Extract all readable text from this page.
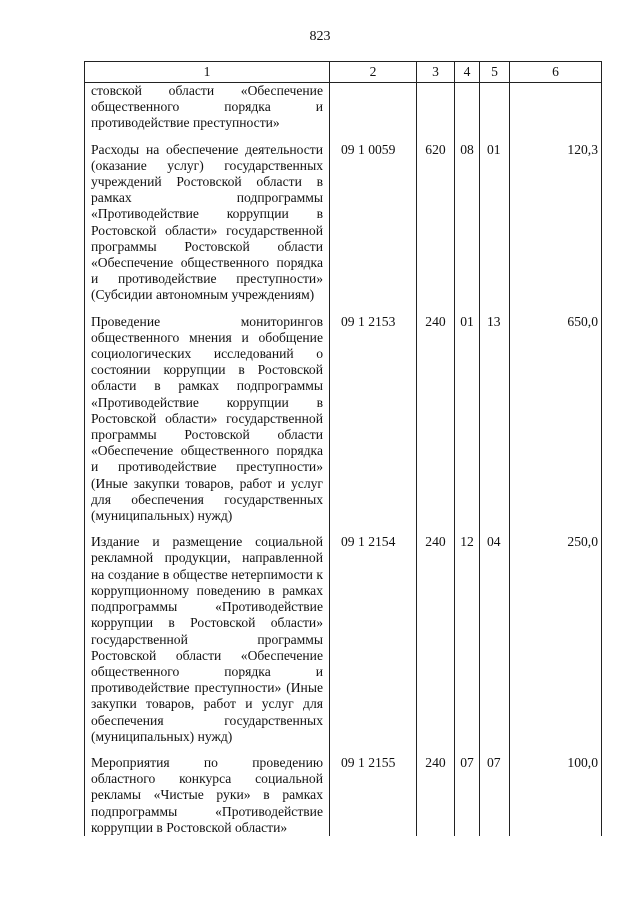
823
1	2	3	4	5	6
стовской области «Обеспечение общественного порядка и противодействие преступности»					
Расходы на обеспечение деятельности (оказание услуг) государственных учреждений Ростовской области в рамках подпрограммы «Противодействие коррупции в Ростовской области» государственной программы Ростовской области «Обеспечение общественного порядка и противодействие преступности» (Субсидии автономным учреждениям)	09 1 0059	620	08	01	120,3
Проведение мониторингов общественного мнения и обобщение социологических исследований о состоянии коррупции в Ростовской области в рамках подпрограммы «Противодействие коррупции в Ростовской области» государственной программы Ростовской области «Обеспечение общественного порядка и противодействие преступности» (Иные закупки товаров, работ и услуг для обеспечения государственных (муниципальных) нужд)	09 1 2153	240	01	13	650,0
Издание и размещение социальной рекламной продукции, направленной на создание в обществе нетерпимости к коррупционному поведению в рамках подпрограммы «Противодействие коррупции в Ростовской области» государственной программы Ростовской области «Обеспечение общественного порядка и противодействие преступности» (Иные закупки товаров, работ и услуг для обеспечения государственных (муниципальных) нужд)	09 1 2154	240	12	04	250,0
Мероприятия по проведению областного конкурса социальной рекламы «Чистые руки» в рамках подпрограммы «Противодействие коррупции в Ростовской области»	09 1 2155	240	07	07	100,0
